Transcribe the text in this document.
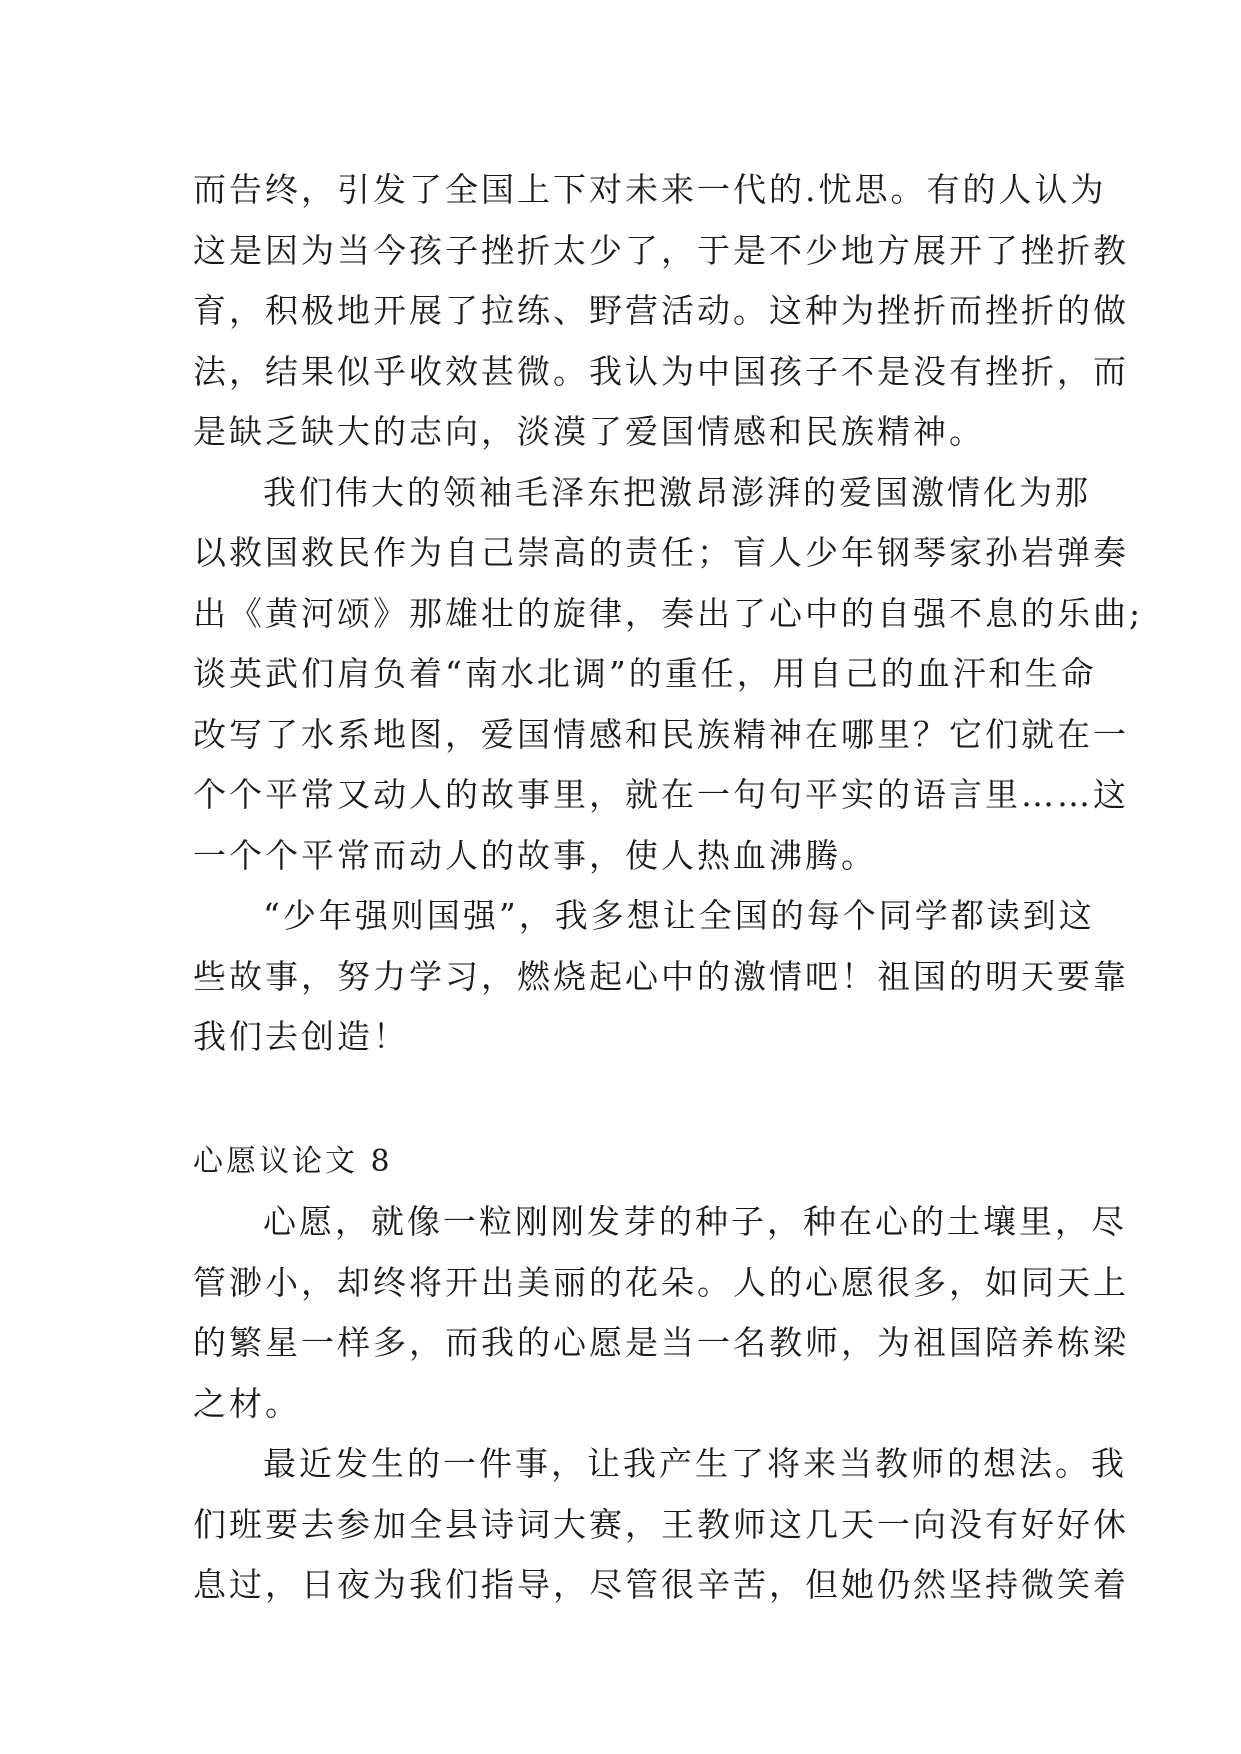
而告终，引发了全国上下对未来一代的.忧思。有的人认为
这是因为当今孩子挫折太少了，于是不少地方展开了挫折教
育，积极地开展了拉练、野营活动。这种为挫折而挫折的做
法，结果似乎收效甚微。我认为中国孩子不是没有挫折，而
是缺乏缺大的志向，淡漠了爱国情感和民族精神。
我们伟大的领袖毛泽东把激昂澎湃的爱国激情化为那
以救国救民作为自己崇高的责任；盲人少年钢琴家孙岩弹奏
出《黄河颂》那雄壮的旋律，奏出了心中的自强不息的乐曲;
谈英武们肩负着“南水北调”的重任，用自己的血汗和生命
改写了水系地图，爱国情感和民族精神在哪里？它们就在一
个个平常又动人的故事里，就在一句句平实的语言里……这
一个个平常而动人的故事，使人热血沸腾。
“少年强则国强”，我多想让全国的每个同学都读到这
些故事，努力学习，燃烧起心中的激情吧！祖国的明天要靠
我们去创造！
心愿议论文 8
心愿，就像一粒刚刚发芽的种子，种在心的土壤里，尽
管渺小，却终将开出美丽的花朵。人的心愿很多，如同天上
的繁星一样多，而我的心愿是当一名教师，为祖国陪养栋梁
之材。
最近发生的一件事，让我产生了将来当教师的想法。我
们班要去参加全县诗词大赛，王教师这几天一向没有好好休
息过，日夜为我们指导，尽管很辛苦，但她仍然坚持微笑着
